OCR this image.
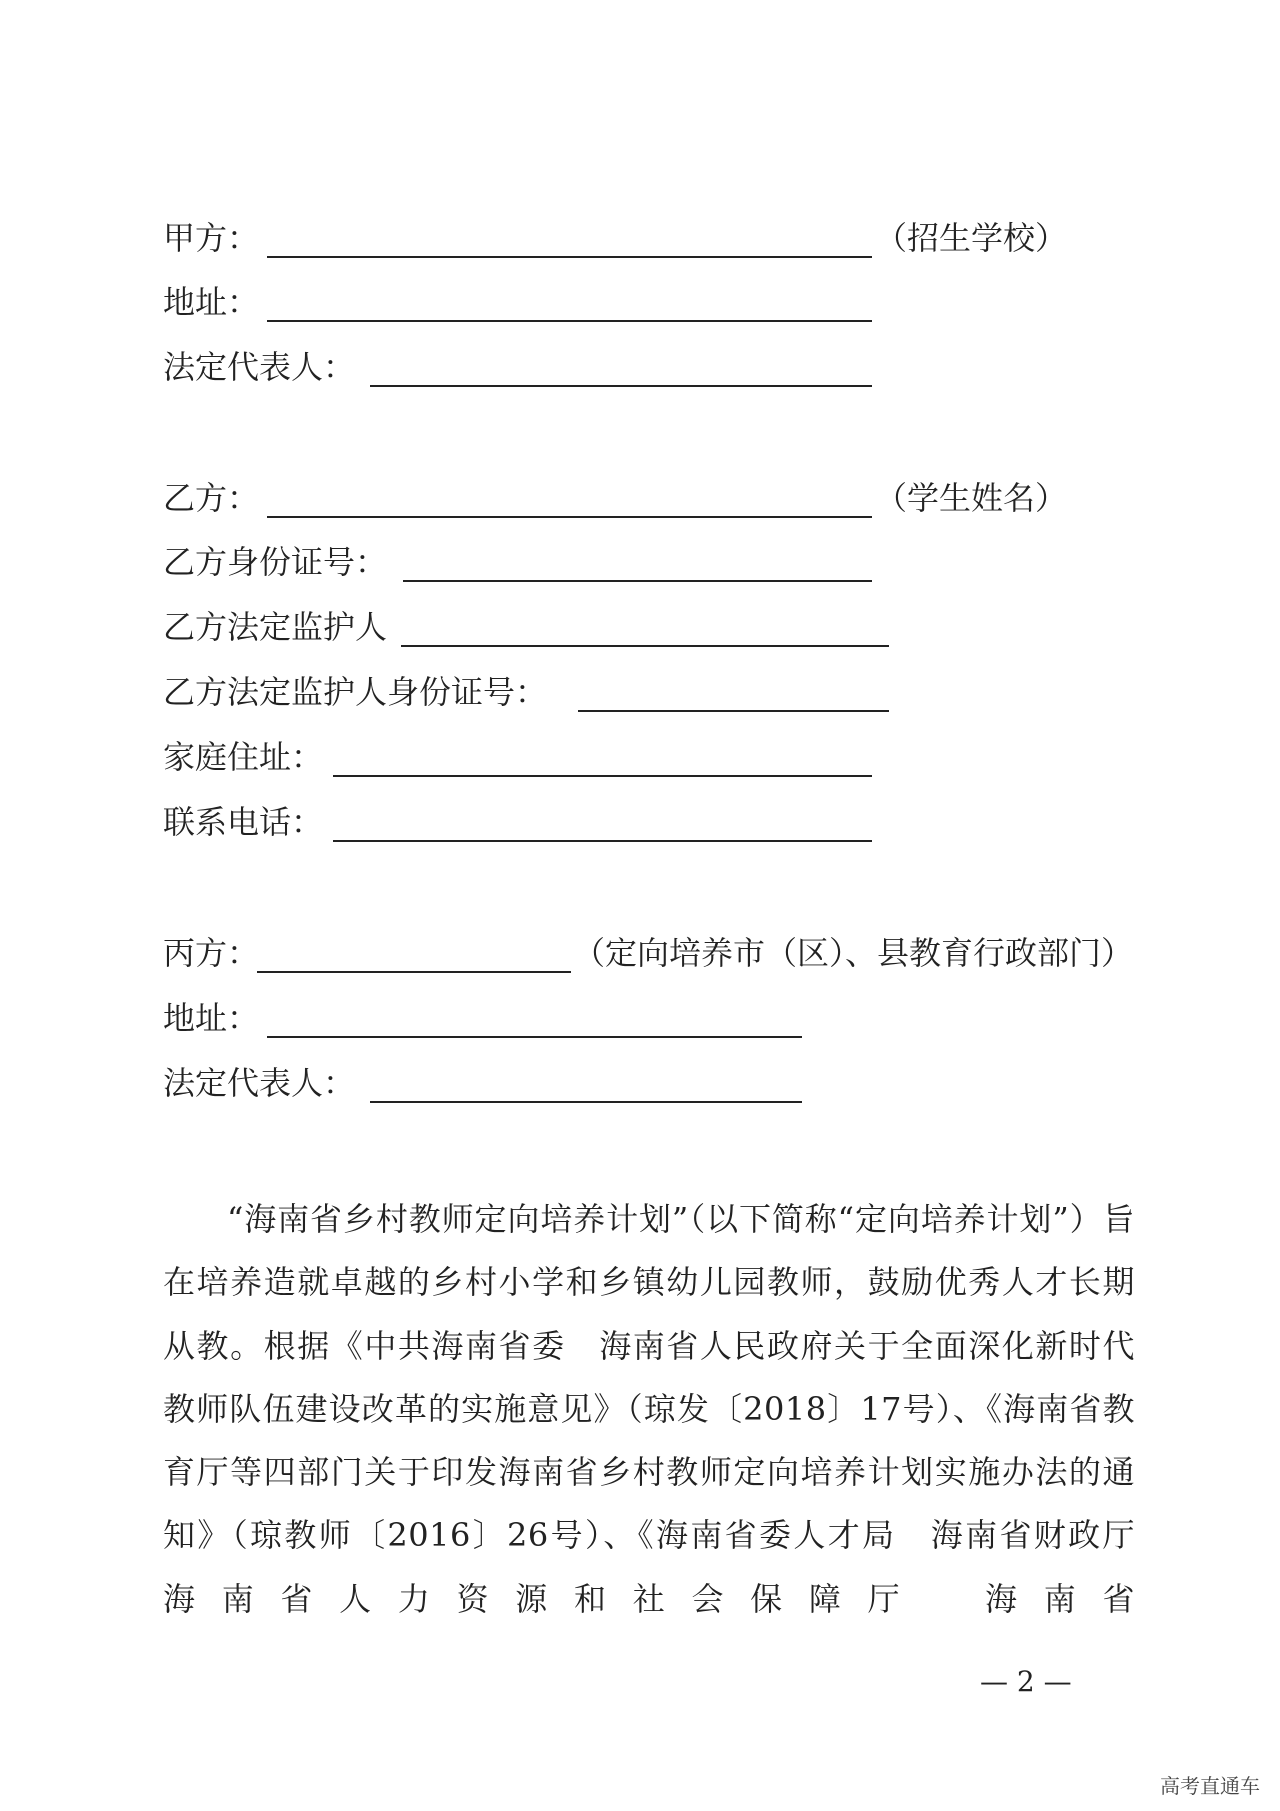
甲方：	（招生学校）
地址：
法定代表人：
乙方：	（学生姓名）
乙方身份证号：
乙方法定监护人
乙方法定监护人身份证号：
家庭住址：
联系电话：
丙方：	（定向培养市（区）、县教育行政部门）
地址：
法定代表人：

“海南省乡村教师定向培养计划”（以下简称“定向培养计划”）旨在培养造就卓越的乡村小学和乡镇幼儿园教师，鼓励优秀人才长期从教。根据《中共海南省委　海南省人民政府关于全面深化新时代教师队伍建设改革的实施意见》（琼发〔2018〕17号）、《海南省教育厅等四部门关于印发海南省乡村教师定向培养计划实施办法的通知》（琼教师〔2016〕26号）、《海南省委人才局　海南省财政厅　海南省人力资源和社会保障厅　海南省

— 2 —
高考直通车
